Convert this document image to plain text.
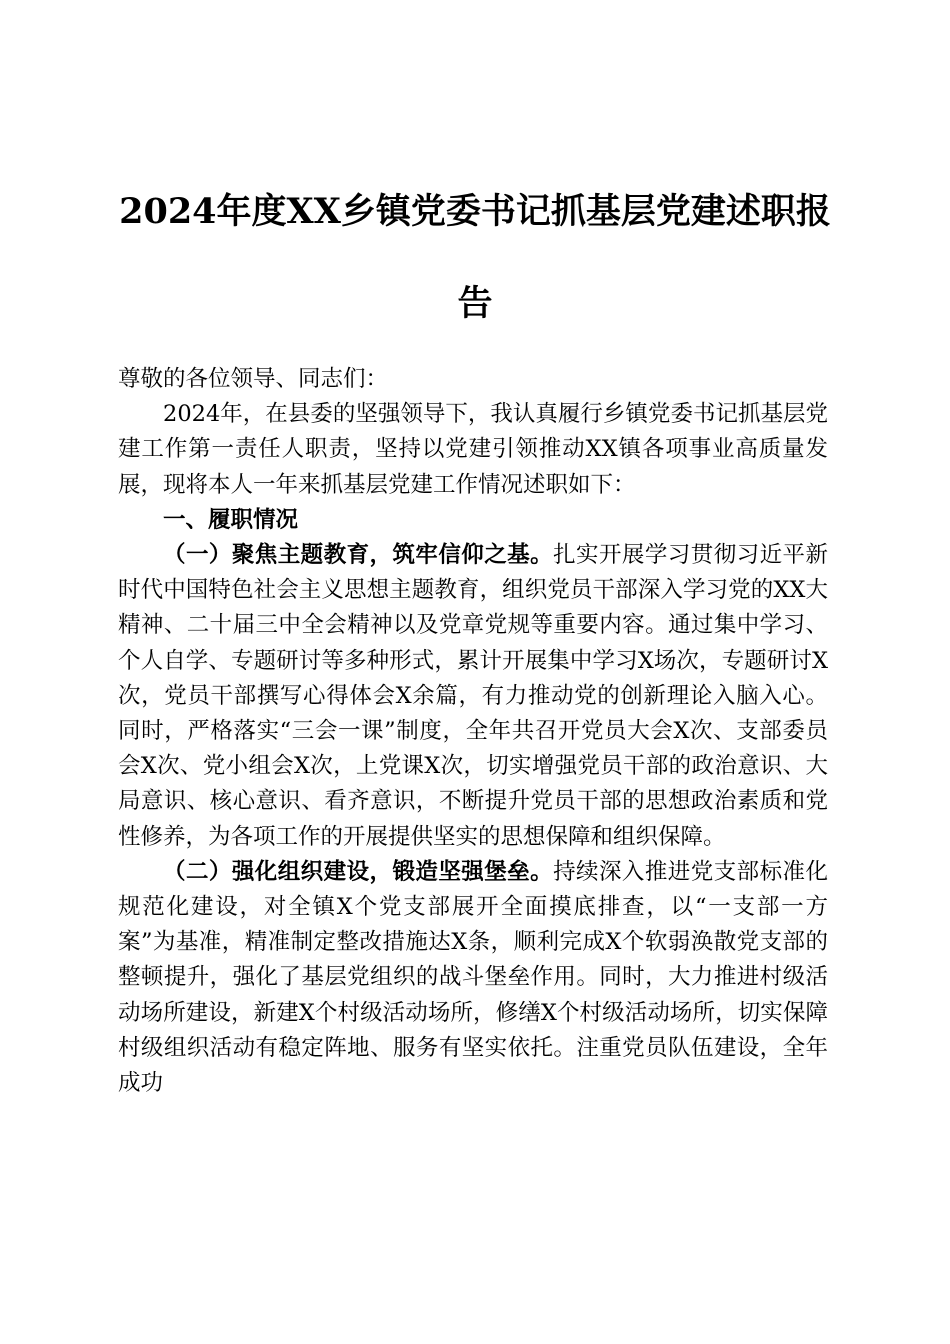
2024年度XX乡镇党委书记抓基层党建述职报告

尊敬的各位领导、同志们：

2024年，在县委的坚强领导下，我认真履行乡镇党委书记抓基层党建工作第一责任人职责，坚持以党建引领推动XX镇各项事业高质量发展，现将本人一年来抓基层党建工作情况述职如下：

一、履职情况

（一）聚焦主题教育，筑牢信仰之基。扎实开展学习贯彻习近平新时代中国特色社会主义思想主题教育，组织党员干部深入学习党的XX大精神、二十届三中全会精神以及党章党规等重要内容。通过集中学习、个人自学、专题研讨等多种形式，累计开展集中学习X场次，专题研讨X次，党员干部撰写心得体会X余篇，有力推动党的创新理论入脑入心。同时，严格落实“三会一课”制度，全年共召开党员大会X次、支部委员会X次、党小组会X次，上党课X次，切实增强党员干部的政治意识、大局意识、核心意识、看齐意识，不断提升党员干部的思想政治素质和党性修养，为各项工作的开展提供坚实的思想保障和组织保障。

（二）强化组织建设，锻造坚强堡垒。持续深入推进党支部标准化规范化建设，对全镇X个党支部展开全面摸底排查，以“一支部一方案”为基准，精准制定整改措施达X条，顺利完成X个软弱涣散党支部的整顿提升，强化了基层党组织的战斗堡垒作用。同时，大力推进村级活动场所建设，新建X个村级活动场所，修缮X个村级活动场所，切实保障村级组织活动有稳定阵地、服务有坚实依托。注重党员队伍建设，全年成功
